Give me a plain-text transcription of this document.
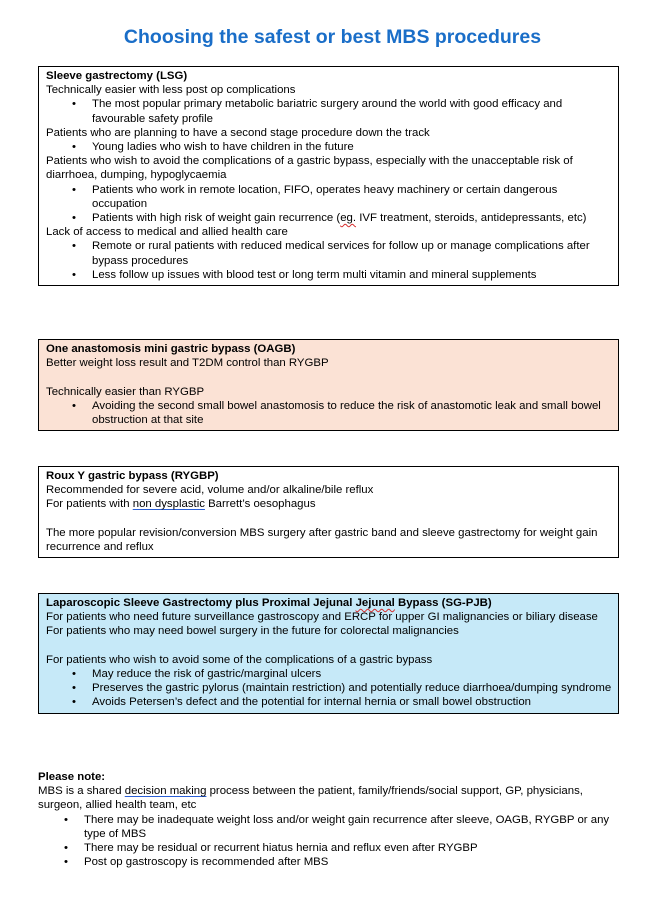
Choosing the safest or best MBS procedures
Sleeve gastrectomy (LSG)
Technically easier with less post op complications
• The most popular primary metabolic bariatric surgery around the world with good efficacy and favourable safety profile
Patients who are planning to have a second stage procedure down the track
• Young ladies who wish to have children in the future
Patients who wish to avoid the complications of a gastric bypass, especially with the unacceptable risk of diarrhoea, dumping, hypoglycaemia
• Patients who work in remote location, FIFO, operates heavy machinery or certain dangerous occupation
• Patients with high risk of weight gain recurrence (eg. IVF treatment, steroids, antidepressants, etc)
Lack of access to medical and allied health care
• Remote or rural patients with reduced medical services for follow up or manage complications after bypass procedures
• Less follow up issues with blood test or long term multi vitamin and mineral supplements
One anastomosis mini gastric bypass (OAGB)
Better weight loss result and T2DM control than RYGBP
Technically easier than RYGBP
• Avoiding the second small bowel anastomosis to reduce the risk of anastomotic leak and small bowel obstruction at that site
Roux Y gastric bypass (RYGBP)
Recommended for severe acid, volume and/or alkaline/bile reflux
For patients with non dysplastic Barrett’s oesophagus
The more popular revision/conversion MBS surgery after gastric band and sleeve gastrectomy for weight gain recurrence and reflux
Laparoscopic Sleeve Gastrectomy plus Proximal Jejunal Jejunal Bypass (SG-PJB)
For patients who need future surveillance gastroscopy and ERCP for upper GI malignancies or biliary disease
For patients who may need bowel surgery in the future for colorectal malignancies
For patients who wish to avoid some of the complications of a gastric bypass
• May reduce the risk of gastric/marginal ulcers
• Preserves the gastric pylorus (maintain restriction) and potentially reduce diarrhoea/dumping syndrome
• Avoids Petersen’s defect and the potential for internal hernia or small bowel obstruction
Please note:
MBS is a shared decision making process between the patient, family/friends/social support, GP, physicians, surgeon, allied health team, etc
• There may be inadequate weight loss and/or weight gain recurrence after sleeve, OAGB, RYGBP or any type of MBS
• There may be residual or recurrent hiatus hernia and reflux even after RYGBP
• Post op gastroscopy is recommended after MBS
